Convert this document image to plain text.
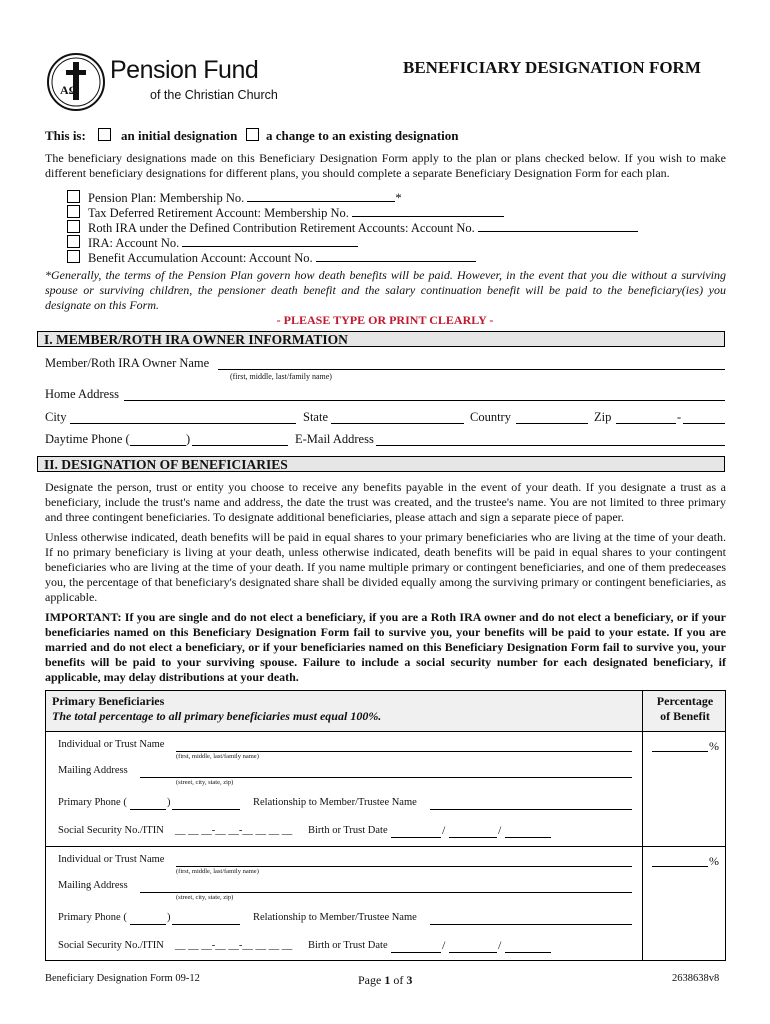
AΩ
Pension Fund
of the Christian Church
BENEFICIARY DESIGNATION FORM
This is:	an initial designation a change to an existing designation
The beneficiary designations made on this Beneficiary Designation Form apply to the plan or plans checked below. If you wish to make different beneficiary designations for different plans, you should complete a separate Beneficiary Designation Form for each plan.
Pension Plan: Membership No.	*
Tax Deferred Retirement Account: Membership No.
Roth IRA under the Defined Contribution Retirement Accounts: Account No.
IRA: Account No.
Benefit Accumulation Account: Account No.
*Generally, the terms of the Pension Plan govern how death benefits will be paid. However, in the event that you die without a surviving spouse or surviving children, the pensioner death benefit and the salary continuation benefit will be paid to the beneficiary(ies) you designate on this Form.
- PLEASE TYPE OR PRINT CLEARLY -
I. MEMBER/ROTH IRA OWNER INFORMATION
Member/Roth IRA Owner Name
(first, middle, last/family name)
Home Address
City	State	Country	Zip	-
Daytime Phone (	)	E-Mail Address
II. DESIGNATION OF BENEFICIARIES
Designate the person, trust or entity you choose to receive any benefits payable in the event of your death. If you designate a trust as a beneficiary, include the trust's name and address, the date the trust was created, and the trustee's name. You are not limited to three primary and three contingent beneficiaries. To designate additional beneficiaries, please attach and sign a separate piece of paper.
Unless otherwise indicated, death benefits will be paid in equal shares to your primary beneficiaries who are living at the time of your death. If no primary beneficiary is living at your death, unless otherwise indicated, death benefits will be paid in equal shares to your contingent beneficiaries who are living at the time of your death. If you name multiple primary or contingent beneficiaries, and one of them predeceases you, the percentage of that beneficiary's designated share shall be divided equally among the surviving primary or contingent beneficiaries, as applicable.
IMPORTANT: If you are single and do not elect a beneficiary, if you are a Roth IRA owner and do not elect a beneficiary, or if your beneficiaries named on this Beneficiary Designation Form fail to survive you, your benefits will be paid to your estate. If you are married and do not elect a beneficiary, or if your beneficiaries named on this Beneficiary Designation Form fail to survive you, your benefits will be paid to your surviving spouse. Failure to include a social security number for each designated beneficiary, if applicable, may delay distributions at your death.
Primary Beneficiaries
The total percentage to all primary beneficiaries must equal 100%.
Percentage
of Benefit
Individual or Trust Name
(first, middle, last/family name)
%
Mailing Address
(street, city, state, zip)
Primary Phone (	)	Relationship to Member/Trustee Name
Social Security No./ITIN __ __ __-__ __-__ __ __ __ Birth or Trust Date	/	/
Individual or Trust Name
(first, middle, last/family name)
%
Mailing Address
(street, city, state, zip)
Primary Phone (	)	Relationship to Member/Trustee Name
Social Security No./ITIN __ __ __-__ __-__ __ __ __ Birth or Trust Date	/	/
Beneficiary Designation Form 09-12	Page 1 of 3	2638638v8
